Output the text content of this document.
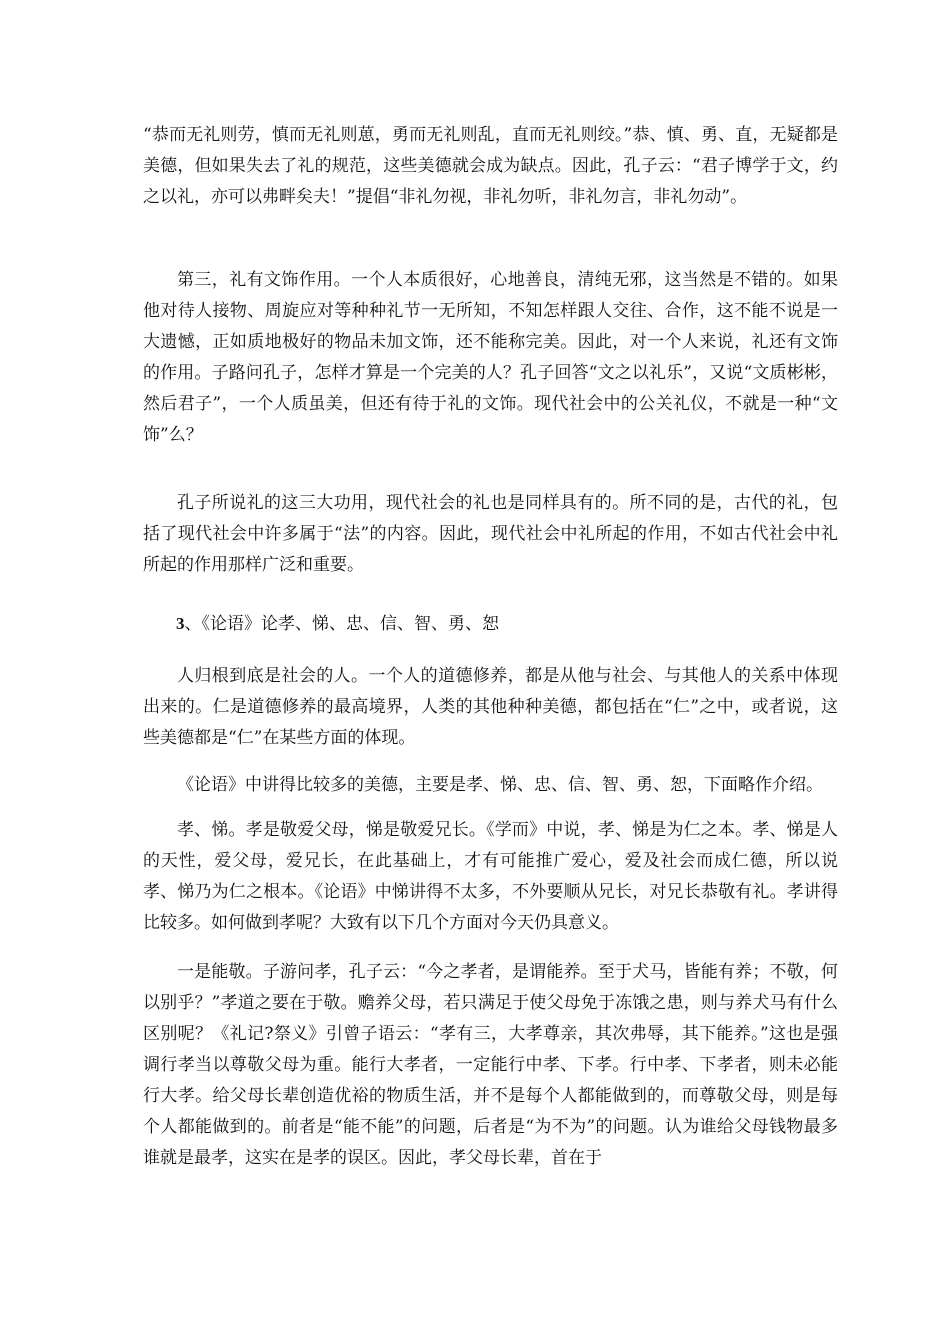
“恭而无礼则劳，慎而无礼则葸，勇而无礼则乱，直而无礼则绞。”恭、慎、勇、直，无疑都是美德，但如果失去了礼的规范，这些美德就会成为缺点。因此，孔子云：“君子博学于文，约之以礼，亦可以弗畔矣夫！”提倡“非礼勿视，非礼勿听，非礼勿言，非礼勿动”。

第三，礼有文饰作用。一个人本质很好，心地善良，清纯无邪，这当然是不错的。如果他对待人接物、周旋应对等种种礼节一无所知，不知怎样跟人交往、合作，这不能不说是一大遗憾，正如质地极好的物品未加文饰，还不能称完美。因此，对一个人来说，礼还有文饰的作用。子路问孔子，怎样才算是一个完美的人？孔子回答“文之以礼乐”，又说“文质彬彬，然后君子”，一个人质虽美，但还有待于礼的文饰。现代社会中的公关礼仪，不就是一种“文饰”么？

孔子所说礼的这三大功用，现代社会的礼也是同样具有的。所不同的是，古代的礼，包括了现代社会中许多属于“法”的内容。因此，现代社会中礼所起的作用，不如古代社会中礼所起的作用那样广泛和重要。

3、《论语》论孝、悌、忠、信、智、勇、恕

人归根到底是社会的人。一个人的道德修养，都是从他与社会、与其他人的关系中体现出来的。仁是道德修养的最高境界，人类的其他种种美德，都包括在“仁”之中，或者说，这些美德都是“仁”在某些方面的体现。

《论语》中讲得比较多的美德，主要是孝、悌、忠、信、智、勇、恕，下面略作介绍。

孝、悌。孝是敬爱父母，悌是敬爱兄长。《学而》中说，孝、悌是为仁之本。孝、悌是人的天性，爱父母，爱兄长，在此基础上，才有可能推广爱心，爱及社会而成仁德，所以说孝、悌乃为仁之根本。《论语》中悌讲得不太多，不外要顺从兄长，对兄长恭敬有礼。孝讲得比较多。如何做到孝呢？大致有以下几个方面对今天仍具意义。

一是能敬。子游问孝，孔子云：“今之孝者，是谓能养。至于犬马，皆能有养；不敬，何以别乎？”孝道之要在于敬。赡养父母，若只满足于使父母免于冻饿之患，则与养犬马有什么区别呢？《礼记?祭义》引曾子语云：“孝有三，大孝尊亲，其次弗辱，其下能养。”这也是强调行孝当以尊敬父母为重。能行大孝者，一定能行中孝、下孝。行中孝、下孝者，则未必能行大孝。给父母长辈创造优裕的物质生活，并不是每个人都能做到的，而尊敬父母，则是每个人都能做到的。前者是“能不能”的问题，后者是“为不为”的问题。认为谁给父母钱物最多谁就是最孝，这实在是孝的误区。因此，孝父母长辈，首在于
